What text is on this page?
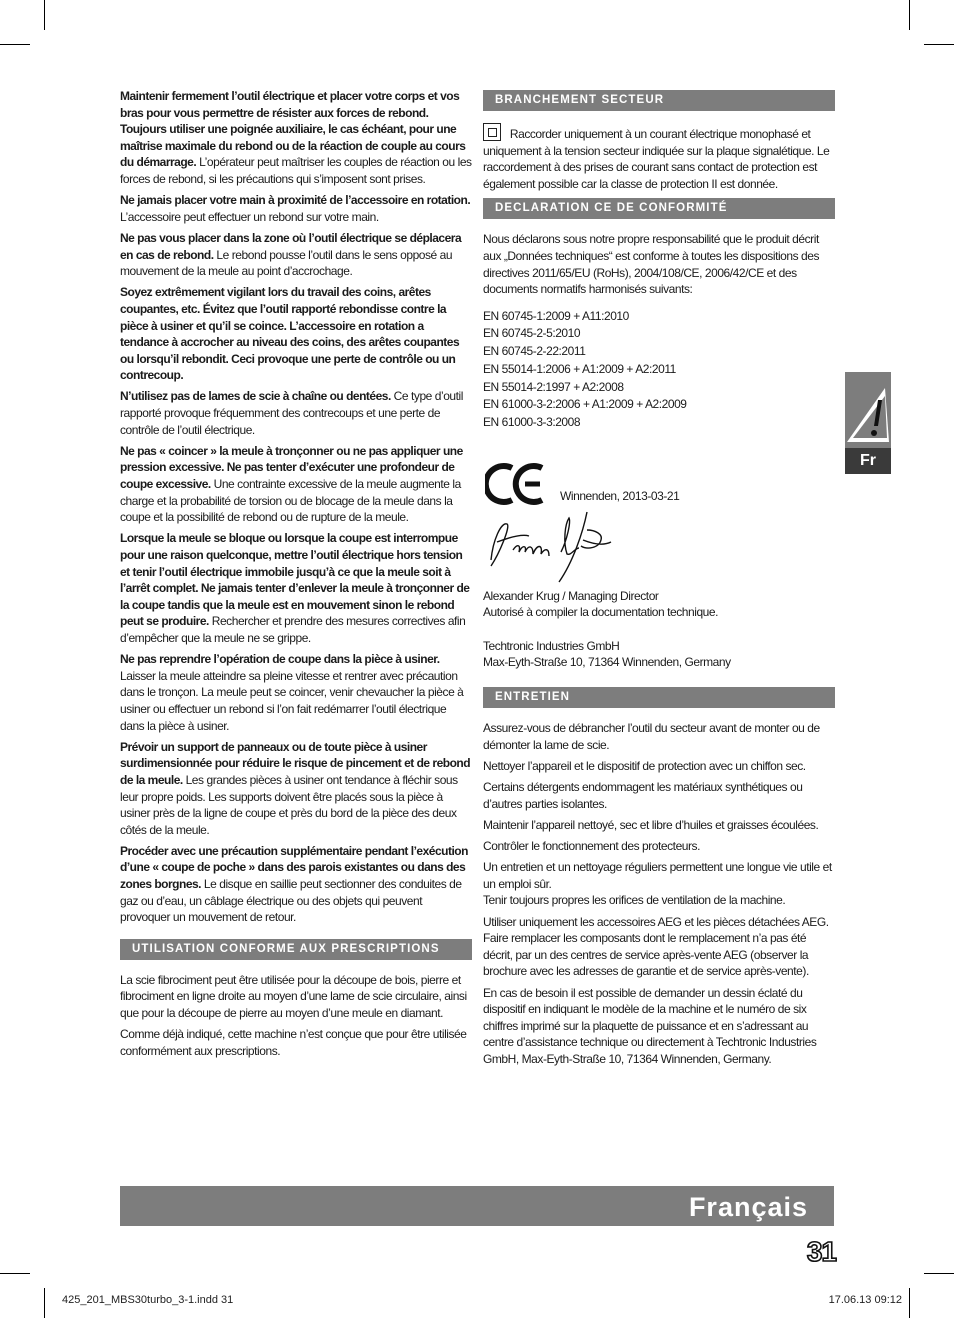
Maintenir fermement l’outil électrique et placer votre corps et vos bras pour vous permettre de résister aux forces de rebond. Toujours utiliser une poignée auxiliaire, le cas échéant, pour une maîtrise maximale du rebond ou de la réaction de couple au cours du démarrage. L’opérateur peut maîtriser les couples de réaction ou les forces de rebond, si les précautions qui s’imposent sont prises.

Ne jamais placer votre main à proximité de l’accessoire en rotation. L’accessoire peut effectuer un rebond sur votre main.

Ne pas vous placer dans la zone où l’outil électrique se déplacera en cas de rebond. Le rebond pousse l’outil dans le sens opposé au mouvement de la meule au point d’accrochage.

Soyez extrêmement vigilant lors du travail des coins, arêtes coupantes, etc. Évitez que l’outil rapporté rebondisse contre la pièce à usiner et qu’il se coince. L’accessoire en rotation a tendance à accrocher au niveau des coins, des arêtes coupantes ou lorsqu’il rebondit. Ceci provoque une perte de contrôle ou un contrecoup.

N’utilisez pas de lames de scie à chaîne ou dentées. Ce type d’outil rapporté provoque fréquemment des contrecoups et une perte de contrôle de l’outil électrique.

Ne pas « coincer » la meule à tronçonner ou ne pas appliquer une pression excessive. Ne pas tenter d’exécuter une profondeur de coupe excessive. Une contrainte excessive de la meule augmente la charge et la probabilité de torsion ou de blocage de la meule dans la coupe et la possibilité de rebond ou de rupture de la meule.

Lorsque la meule se bloque ou lorsque la coupe est interrompue pour une raison quelconque, mettre l’outil électrique hors tension et tenir l’outil électrique immobile jusqu’à ce que la meule soit à l’arrêt complet. Ne jamais tenter d’enlever la meule à tronçonner de la coupe tandis que la meule est en mouvement sinon le rebond peut se produire. Rechercher et prendre des mesures correctives afin d’empêcher que la meule ne se grippe.

Ne pas reprendre l’opération de coupe dans la pièce à usiner. Laisser la meule atteindre sa pleine vitesse et rentrer avec précaution dans le tronçon. La meule peut se coincer, venir chevaucher la pièce à usiner ou effectuer un rebond si l’on fait redémarrer l’outil électrique dans la pièce à usiner.

Prévoir un support de panneaux ou de toute pièce à usiner surdimensionnée pour réduire le risque de pincement et de rebond de la meule. Les grandes pièces à usiner ont tendance à fléchir sous leur propre poids. Les supports doivent être placés sous la pièce à usiner près de la ligne de coupe et près du bord de la pièce des deux côtés de la meule.

Procéder avec une précaution supplémentaire pendant l’exécution d’une « coupe de poche » dans des parois existantes ou dans des zones borgnes. Le disque en saillie peut sectionner des conduites de gaz ou d’eau, un câblage électrique ou des objets qui peuvent provoquer un mouvement de retour.

UTILISATION CONFORME AUX PRESCRIPTIONS

La scie fibrociment peut être utilisée pour la découpe de bois, pierre et fibrociment en ligne droite au moyen d’une lame de scie circulaire, ainsi que pour la découpe de pierre au moyen d’une meule en diamant.

Comme déjà indiqué, cette machine n’est conçue que pour être utilisée conformément aux prescriptions.

BRANCHEMENT SECTEUR

Raccorder uniquement à un courant électrique monophasé et uniquement à la tension secteur indiquée sur la plaque signalétique. Le raccordement à des prises de courant sans contact de protection est également possible car la classe de protection II est donnée.

DECLARATION CE DE CONFORMITÉ

Nous déclarons sous notre propre responsabilité que le produit décrit aux „Données techniques“ est conforme à toutes les dispositions des directives 2011/65/EU (RoHs), 2004/108/CE, 2006/42/CE et des documents normatifs harmonisés suivants:

EN 60745-1:2009 + A11:2010
EN 60745-2-5:2010
EN 60745-2-22:2011
EN 55014-1:2006 + A1:2009 + A2:2011
EN 55014-2:1997 + A2:2008
EN 61000-3-2:2006 + A1:2009 + A2:2009
EN 61000-3-3:2008
Winnenden, 2013-03-21
Alexander Krug / Managing Director
Autorisé à compiler la documentation technique.
Techtronic Industries GmbH
Max-Eyth-Straße 10, 71364 Winnenden, Germany
ENTRETIEN

Assurez-vous de débrancher l’outil du secteur avant de monter ou de démonter la lame de scie.

Nettoyer l’appareil et le dispositif de protection avec un chiffon sec.

Certains détergents endommagent les matériaux synthétiques ou d’autres parties isolantes.

Maintenir l’appareil nettoyé, sec et libre d’huiles et graisses écoulées.

Contrôler le fonctionnement des protecteurs.

Un entretien et un nettoyage réguliers permettent une longue vie utile et un emploi sûr.
Tenir toujours propres les orifices de ventilation de la machine.

Utiliser uniquement les accessoires AEG et les pièces détachées AEG. Faire remplacer les composants dont le remplacement n’a pas été décrit, par un des centres de service après-vente AEG (observer la brochure avec les adresses de garantie et de service après-vente).

En cas de besoin il est possible de demander un dessin éclaté du dispositif en indiquant le modèle de la machine et le numéro de six chiffres imprimé sur la plaquette de puissance et en s’adressant au centre d’assistance technique ou directement à Techtronic Industries GmbH, Max-Eyth-Straße 10, 71364 Winnenden, Germany.

Fr
Français
31
425_201_MBS30turbo_3-1.indd 31	17.06.13 09:12
